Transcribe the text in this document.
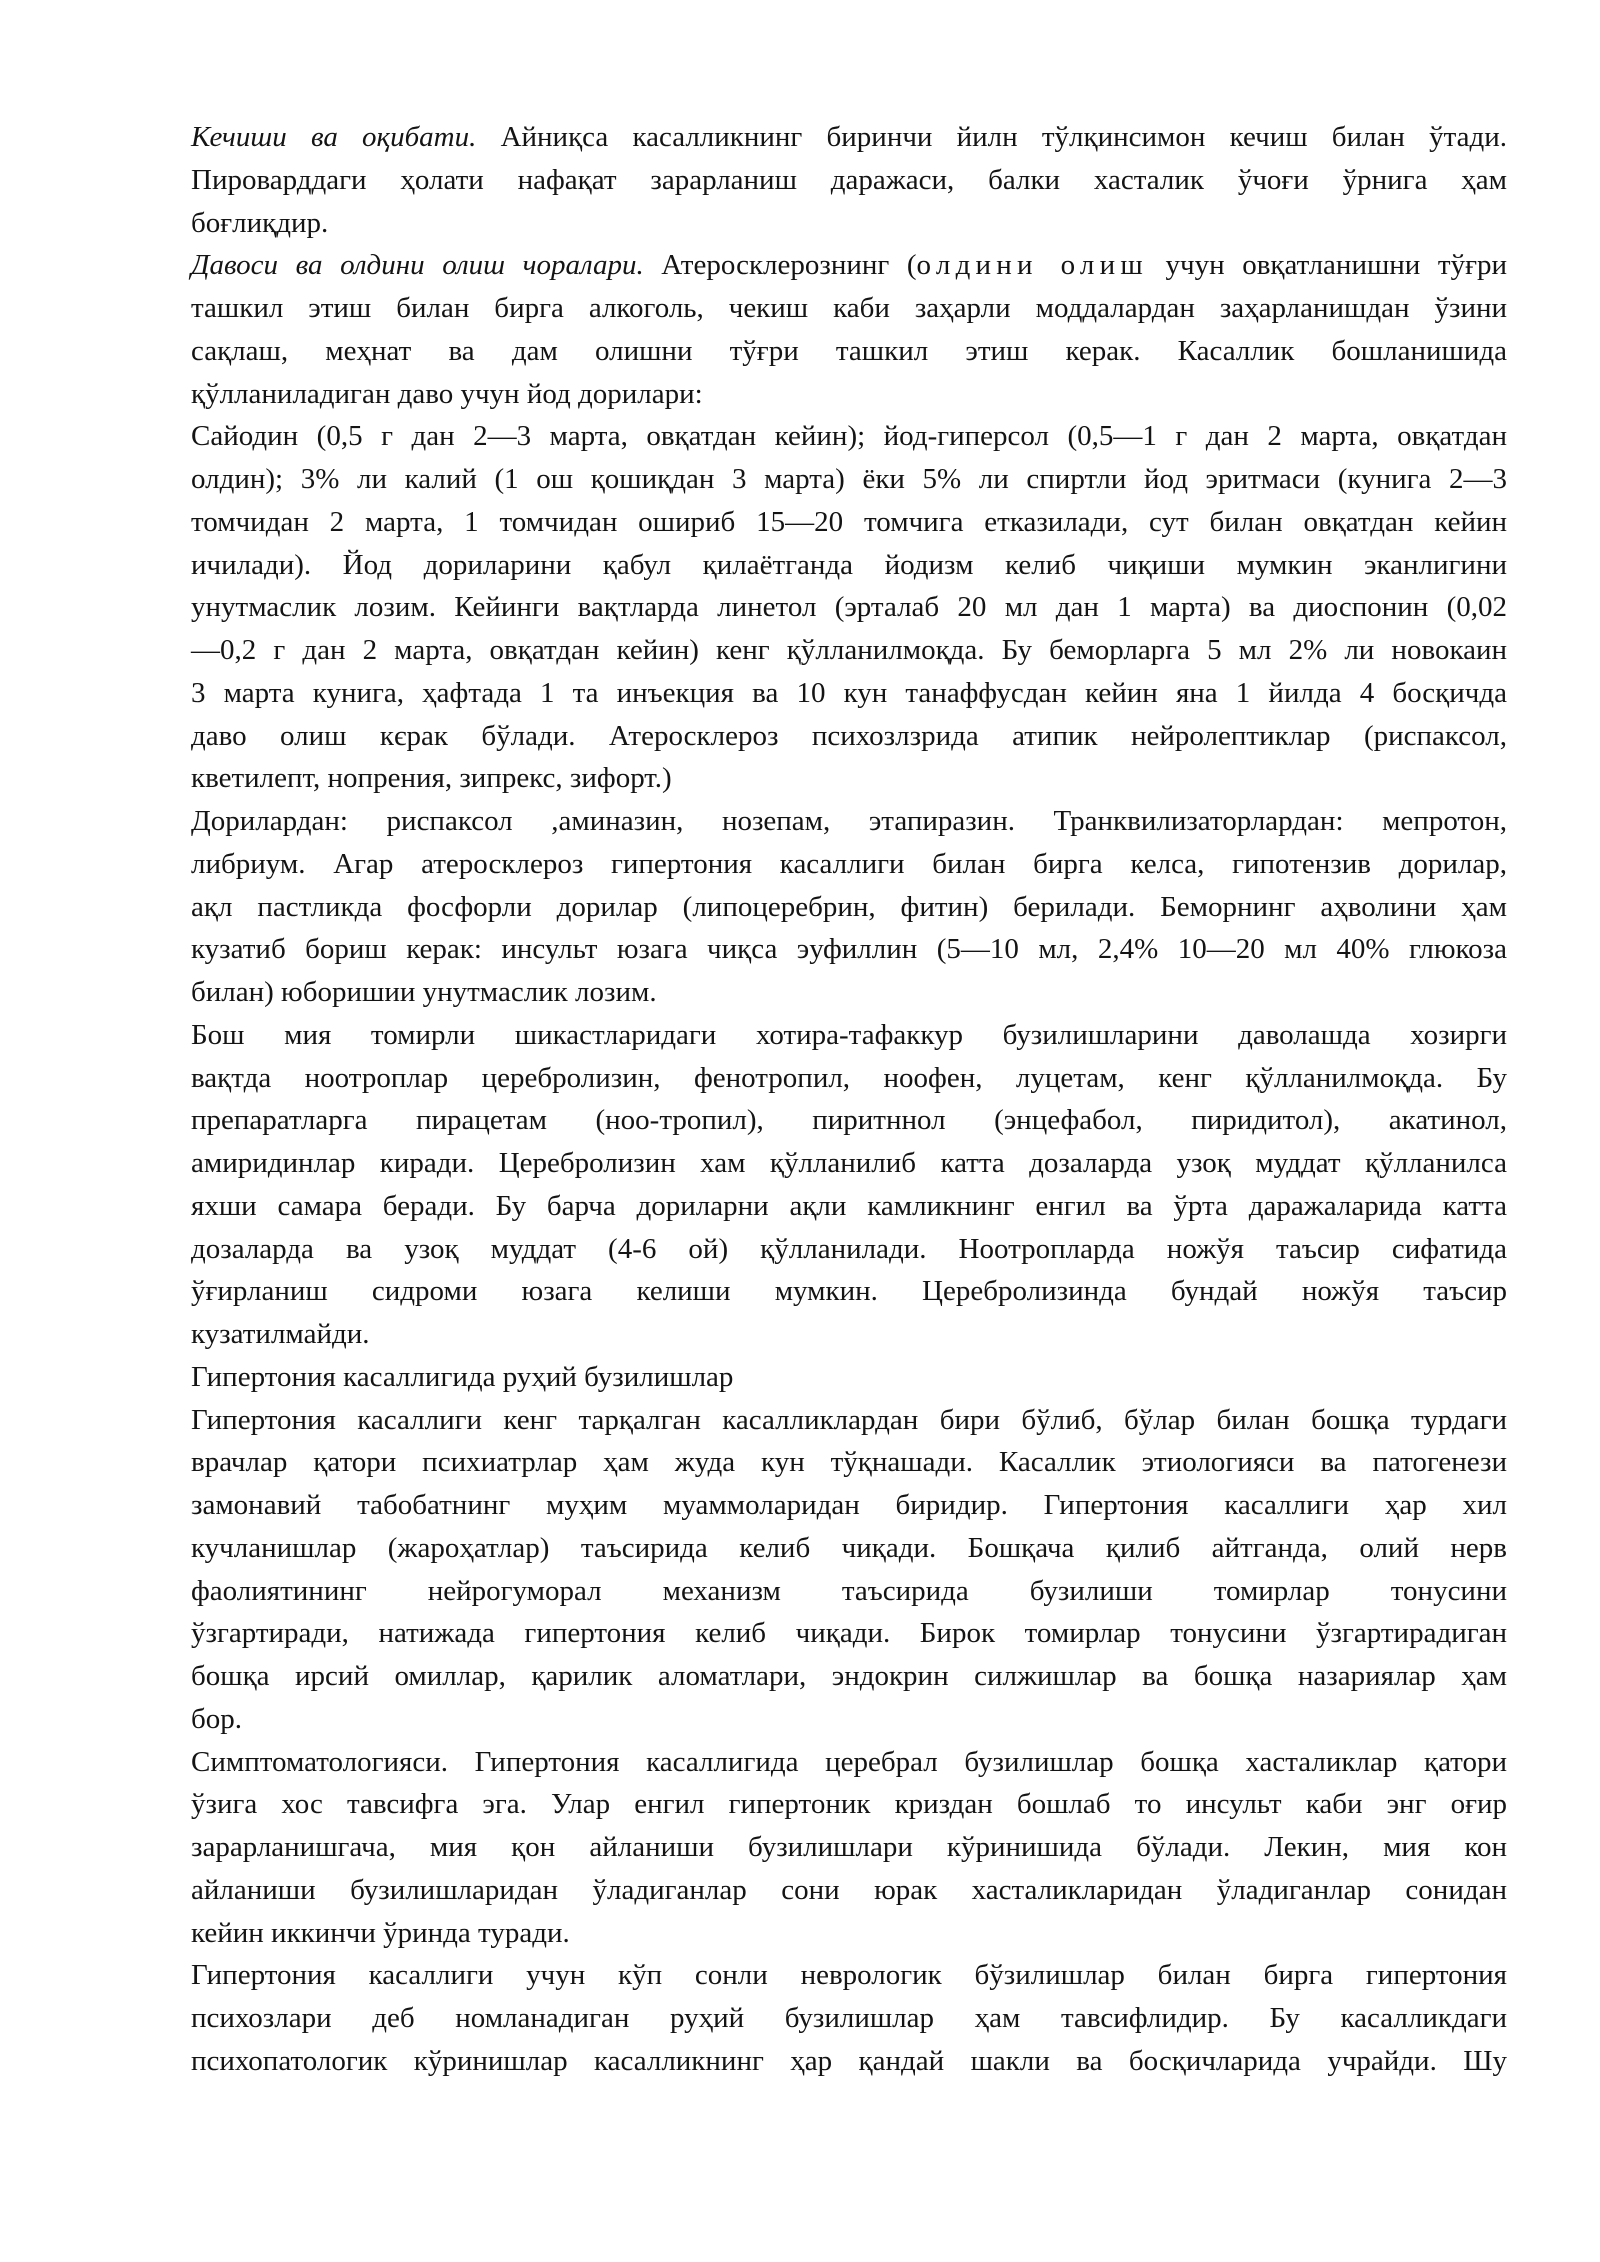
Кечиши ва оқибати. Айниқса касалликнинг биринчи йилн тўлқинсимон кечиш билан ўтади.
Пироварддаги ҳолати нафақат зарарланиш даражаси, балки хасталик ўчоғи ўрнига ҳам
боғлиқдир.
Давоси ва олдини олиш чоралари. Атеросклерознинг (олдини олиш учун овқатланишни тўғри
ташкил этиш билан бирга алкоголь, чекиш каби заҳарли моддалардан заҳарланишдан ўзини
сақлаш, меҳнат ва дам олишни тўғри ташкил этиш керак. Касаллик бошланишида
қўлланиладиган даво учун йод дорилари:
Сайодин (0,5 г дан 2—3 марта, овқатдан кейин); йод-гиперсол (0,5—1 г дан 2 марта, овқатдан
олдин); 3% ли калий (1 ош қошиқдан 3 марта) ёки 5% ли спиртли йод эритмаси (кунига 2—3
томчидан 2 марта, 1 томчидан ошириб 15—20 томчига етказилади, сут билан овқатдан кейин
ичилади). Йод дориларини қабул қилаётганда йодизм келиб чиқиши мумкин эканлигини
унутмаслик лозим. Кейинги вақтларда линетол (эрталаб 20 мл дан 1 марта) ва диоспонин (0,02
—0,2 г дан 2 марта, овқатдан кейин) кенг қўлланилмоқда. Бу беморларга 5 мл 2% ли новокаин
3 марта кунига, ҳафтада 1 та инъекция ва 10 кун танаффусдан кейин яна 1 йилда 4 босқичда
даво олиш кєрак бўлади. Атеросклероз психозлзрида атипик нейролептиклар (риспаксол,
кветилепт, нопрения, зипрекс, зифорт.)
Дорилардан: риспаксол ,аминазин, нозепам, этапиразин. Транквилизаторлардан: мепротон,
либриум. Агар атеросклероз гипертония касаллиги билан бирга келса, гипотензив дорилар,
ақл пастликда фосфорли дорилар (липоцеребрин, фитин) берилади. Беморнинг аҳволини ҳам
кузатиб бориш керак: инсульт юзага чиқса эуфиллин (5—10 мл, 2,4% 10—20 мл 40% глюкоза
билан) юборишии унутмаслик лозим.
Бош мия томирли шикастларидаги хотира-тафаккур бузилишларини даволашда хозирги
вақтда ноотроплар церебролизин, фенотропил, ноофен, луцетам, кенг қўлланилмоқда. Бу
препаратларга пирацетам (ноо-тропил), пиритннол (энцефабол, пиридитол), акатинол,
амиридинлар киради. Церебролизин хам қўлланилиб катта дозаларда узоқ муддат қўлланилса
яхши самара беради. Бу барча дориларни ақли камликнинг енгил ва ўрта даражаларида катта
дозаларда ва узоқ муддат (4-6 ой) қўлланилади. Ноотропларда ножўя таъсир сифатида
ўғирланиш сидроми юзага келиши мумкин. Церебролизинда бундай ножўя таъсир
кузатилмайди.
Гипертония касаллигида руҳий бузилишлар
Гипертония касаллиги кенг тарқалган касалликлардан бири бўлиб, бўлар билан бошқа турдаги
врачлар қатори психиатрлар ҳам жуда кун тўқнашади. Касаллик этиологияси ва патогенези
замонавий табобатнинг муҳим муаммоларидан биридир. Гипертония касаллиги ҳар хил
кучланишлар (жароҳатлар) таъсирида келиб чиқади. Бошқача қилиб айтганда, олий нерв
фаолиятининг нейрогуморал механизм таъсирида бузилиши томирлар тонусини
ўзгартиради, натижада гипертония келиб чиқади. Бирок томирлар тонусини ўзгартирадиган
бошқа ирсий омиллар, қарилик аломатлари, эндокрин силжишлар ва бошқа назариялар ҳам
бор.
Симптоматологияси. Гипертония касаллигида церебрал бузилишлар бошқа хасталиклар қатори
ўзига хос тавсифга эга. Улар енгил гипертоник криздан бошлаб то инсульт каби энг оғир
зарарланишгача, мия қон айланиши бузилишлари кўринишида бўлади. Лекин, мия кон
айланиши бузилишларидан ўладиганлар сони юрак хасталикларидан ўладиганлар сонидан
кейин иккинчи ўринда туради.
Гипертония касаллиги учун кўп сонли неврологик бўзилишлар билан бирга гипертония
психозлари деб номланадиган руҳий бузилишлар ҳам тавсифлидир. Бу касалликдаги
психопатологик кўринишлар касалликнинг ҳар қандай шакли ва босқичларида учрайди. Шу
